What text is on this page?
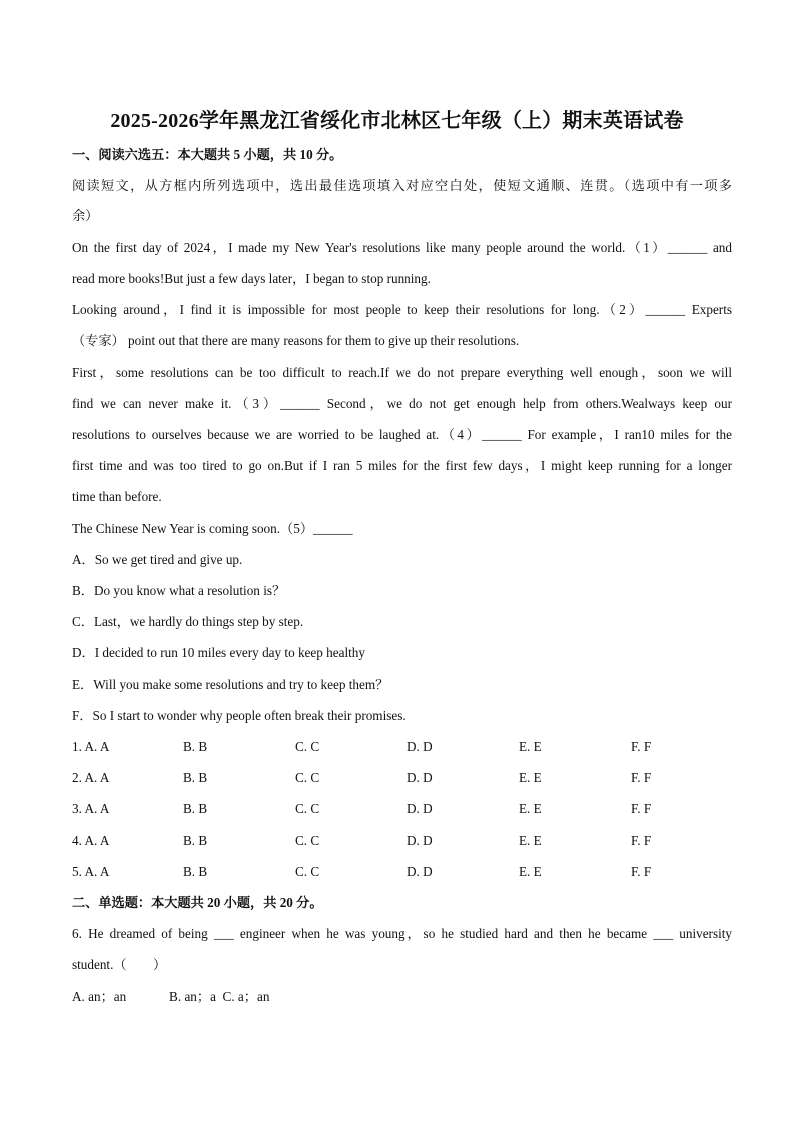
2025-2026学年黑龙江省绥化市北林区七年级（上）期末英语试卷
一、阅读六选五：本大题共 5 小题，共 10 分。
阅读短文，从方框内所列选项中，选出最佳选项填入对应空白处，使短文通顺、连贯。（选项中有一项多
余）
On the first day of 2024，I made my New Year's resolutions like many people around the world.（1）______ and
read more books!But just a few days later，I began to stop running.
Looking around，I find it is impossible for most people to keep their resolutions for long.（2）______ Experts
（专家） point out that there are many reasons for them to give up their resolutions.
First，some resolutions can be too difficult to reach.If we do not prepare everything well enough，soon we will
find we can never make it.（3）______ Second，we do not get enough help from others.Wealways keep our
resolutions to ourselves because we are worried to be laughed at.（4）______ For example，I ran10 miles for the
first time and was too tired to go on.But if I ran 5 miles for the first few days，I might keep running for a longer
time than before.
The Chinese New Year is coming soon.（5）______
A．So we get tired and give up.
B．Do you know what a resolution is？
C．Last，we hardly do things step by step.
D．I decided to run 10 miles every day to keep healthy
E．Will you make some resolutions and try to keep them？
F．So I start to wonder why people often break their promises.
1. A. A	B. B	C. C	D. D	E. E	F. F
2. A. A	B. B	C. C	D. D	E. E	F. F
3. A. A	B. B	C. C	D. D	E. E	F. F
4. A. A	B. B	C. C	D. D	E. E	F. F
5. A. A	B. B	C. C	D. D	E. E	F. F
二、单选题：本大题共 20 小题，共 20 分。
6. He dreamed of being ___ engineer when he was young，so he studied hard and then he became ___ university
student.（　　）
A. an；an             B. an；a  C. a；an
